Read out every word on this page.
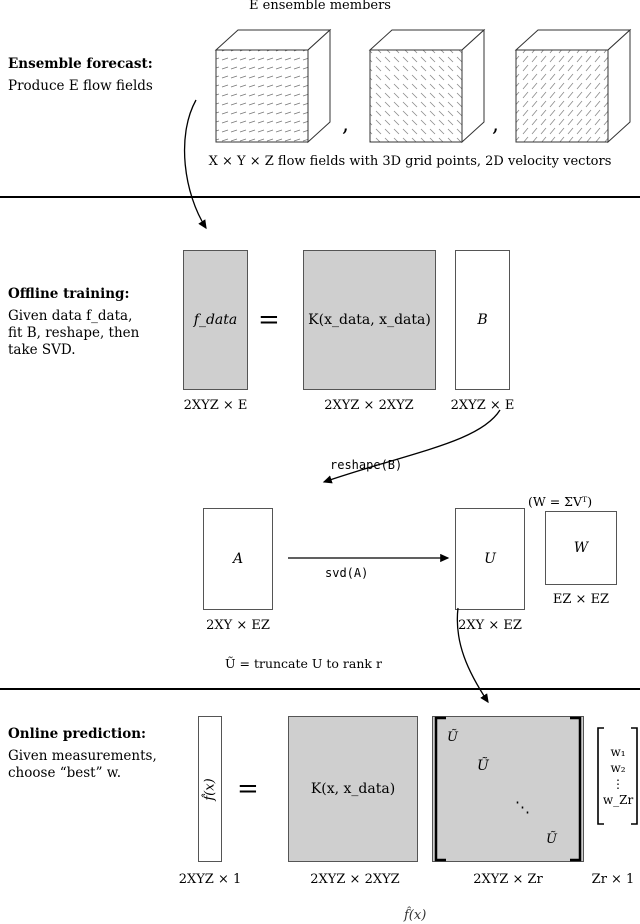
E ensemble members
Ensemble forecast:
Produce E flow fields
,	,
X × Y × Z flow fields with 3D grid points, 2D velocity vectors
Offline training:
Given data f_data,
fit B, reshape, then
take SVD.
f_data
2XYZ × E
= K(x_data, x_data)
2XYZ × 2XYZ
B
2XYZ × E
reshape(B)
(W = ΣVᵀ)
A
2XY × EZ
svd(A)
U
2XY × EZ
W
EZ × EZ
Ũ = truncate U to rank r
Online prediction:
Given measurements,
choose “best” w.
f̂(x)
2XYZ × 1
=	K(x, x_data)
2XYZ × 2XYZ
Ũ
Ũ
⋱
Ũ
2XYZ × Zr
w₁
w₂
⋮
w_Zr
Zr × 1
f̂(x)
